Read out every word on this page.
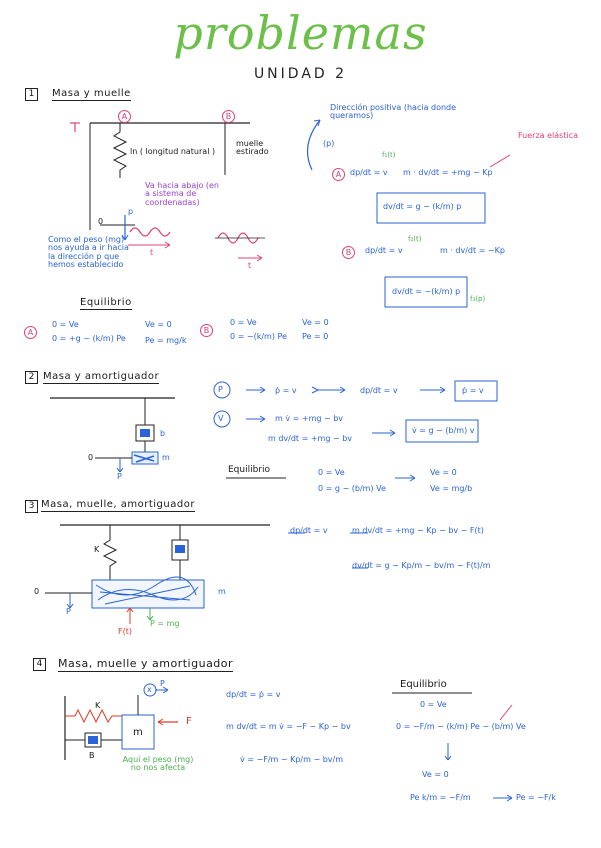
problemas
UNIDAD 2
1	Masa y muelle
A	B
ln ( longitud natural )
muelle estirado
Dirección positiva (hacia donde queramos)
(p)
Fuerza elástica
Va hacia abajo (en a sistema de coordenadas)
0
p
t
t
Como el peso (mg) nos ayuda a ir hacia la dirección p que hemos establecido
A	dp/dt = v m · dv/dt = +mg − Kp
f₁(t)
dv/dt = g − (k/m) p
B	dp/dt = v	m · dv/dt = −Kp
f₂(t)
dv/dt = −(k/m) p
f₃(p)
Equilibrio
A
0 = Ve
0 = +g − (k/m) Pe
Ve = 0
Pe = mg/k
B
0 = Ve
0 = −(k/m) Pe
Ve = 0
Pe = 0
2 Masa y amortiguador
b
m
0
P
P
V
ṗ = v	dp/dt = v	ṗ = v
m v̇ = +mg − bv
m dv/dt = +mg − bv
v̇ = g − (b/m) v
Equilibrio	0 = Ve
0 = g − (b/m) Ve
Ve = 0
Ve = mg/b
3 Masa, muelle, amortiguador
K
m
0
P
F(t)
P = mg
dp/dt = v	m dv/dt = +mg − Kp − bv − F(t)
dv/dt = g − Kp/m − bv/m − F(t)/m
4	Masa, muelle y amortiguador
K
B
m
F
x
P
Aquí el peso (mg) no nos afecta
dp/dt = ṗ = v
m dv/dt = m v̇ = −F − Kp − bv
v̇ = −F/m − Kp/m − bv/m
Equilibrio
0 = Ve
0 = −F/m − (k/m) Pe − (b/m) Ve
Ve = 0
Pe k/m = −F/m	Pe = −F/k
